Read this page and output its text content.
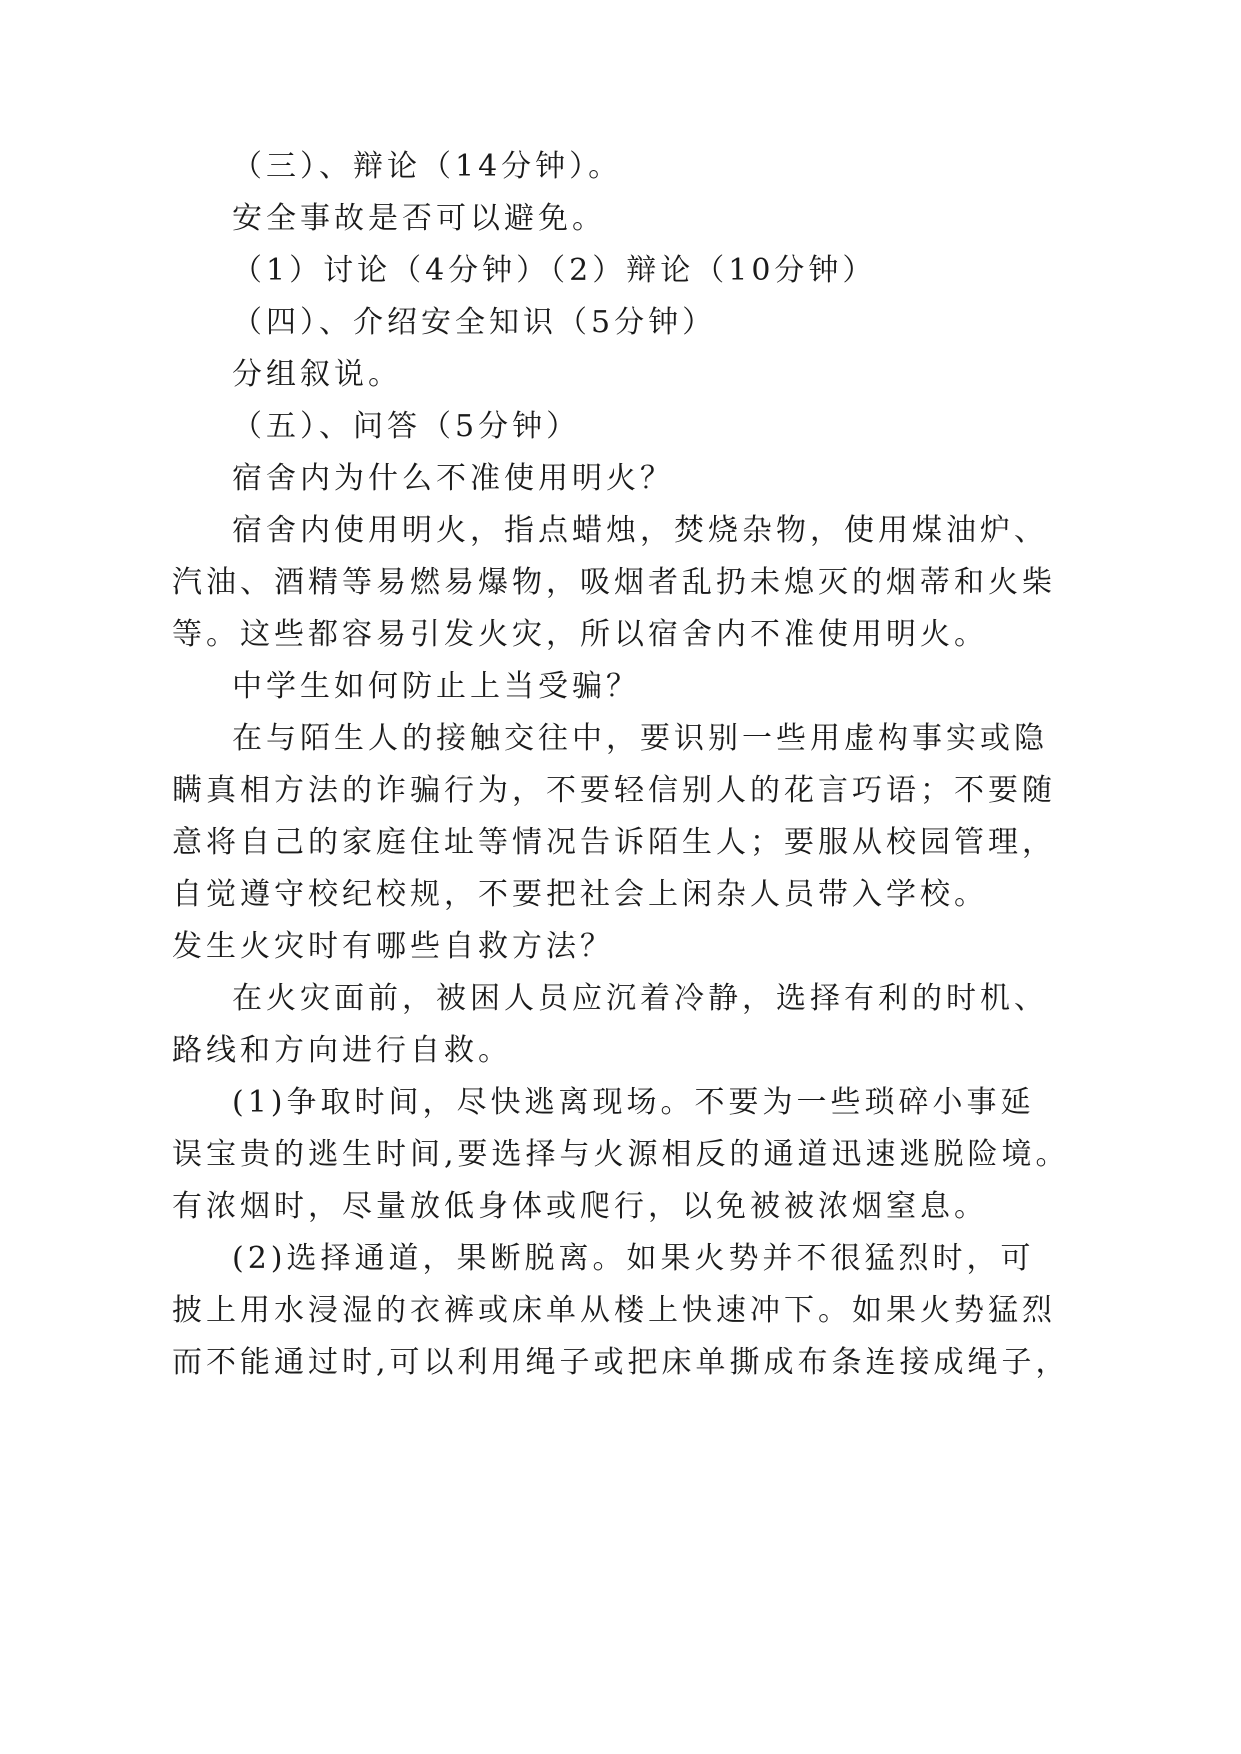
（三）、辩论（14分钟）。
安全事故是否可以避免。
（1）讨论（4分钟）（2）辩论（10分钟）
（四）、介绍安全知识（5分钟）
分组叙说。
（五）、问答（5分钟）
宿舍内为什么不准使用明火？
宿舍内使用明火，指点蜡烛，焚烧杂物，使用煤油炉、
汽油、酒精等易燃易爆物，吸烟者乱扔未熄灭的烟蒂和火柴
等。这些都容易引发火灾，所以宿舍内不准使用明火。
中学生如何防止上当受骗？
在与陌生人的接触交往中，要识别一些用虚构事实或隐
瞒真相方法的诈骗行为，不要轻信别人的花言巧语；不要随
意将自己的家庭住址等情况告诉陌生人；要服从校园管理，
自觉遵守校纪校规，不要把社会上闲杂人员带入学校。
发生火灾时有哪些自救方法？
在火灾面前，被困人员应沉着冷静，选择有利的时机、
路线和方向进行自救。
(1)争取时间，尽快逃离现场。不要为一些琐碎小事延
误宝贵的逃生时间,要选择与火源相反的通道迅速逃脱险境。
有浓烟时，尽量放低身体或爬行，以免被被浓烟窒息。
(2)选择通道，果断脱离。如果火势并不很猛烈时，可
披上用水浸湿的衣裤或床单从楼上快速冲下。如果火势猛烈
而不能通过时,可以利用绳子或把床单撕成布条连接成绳子，
